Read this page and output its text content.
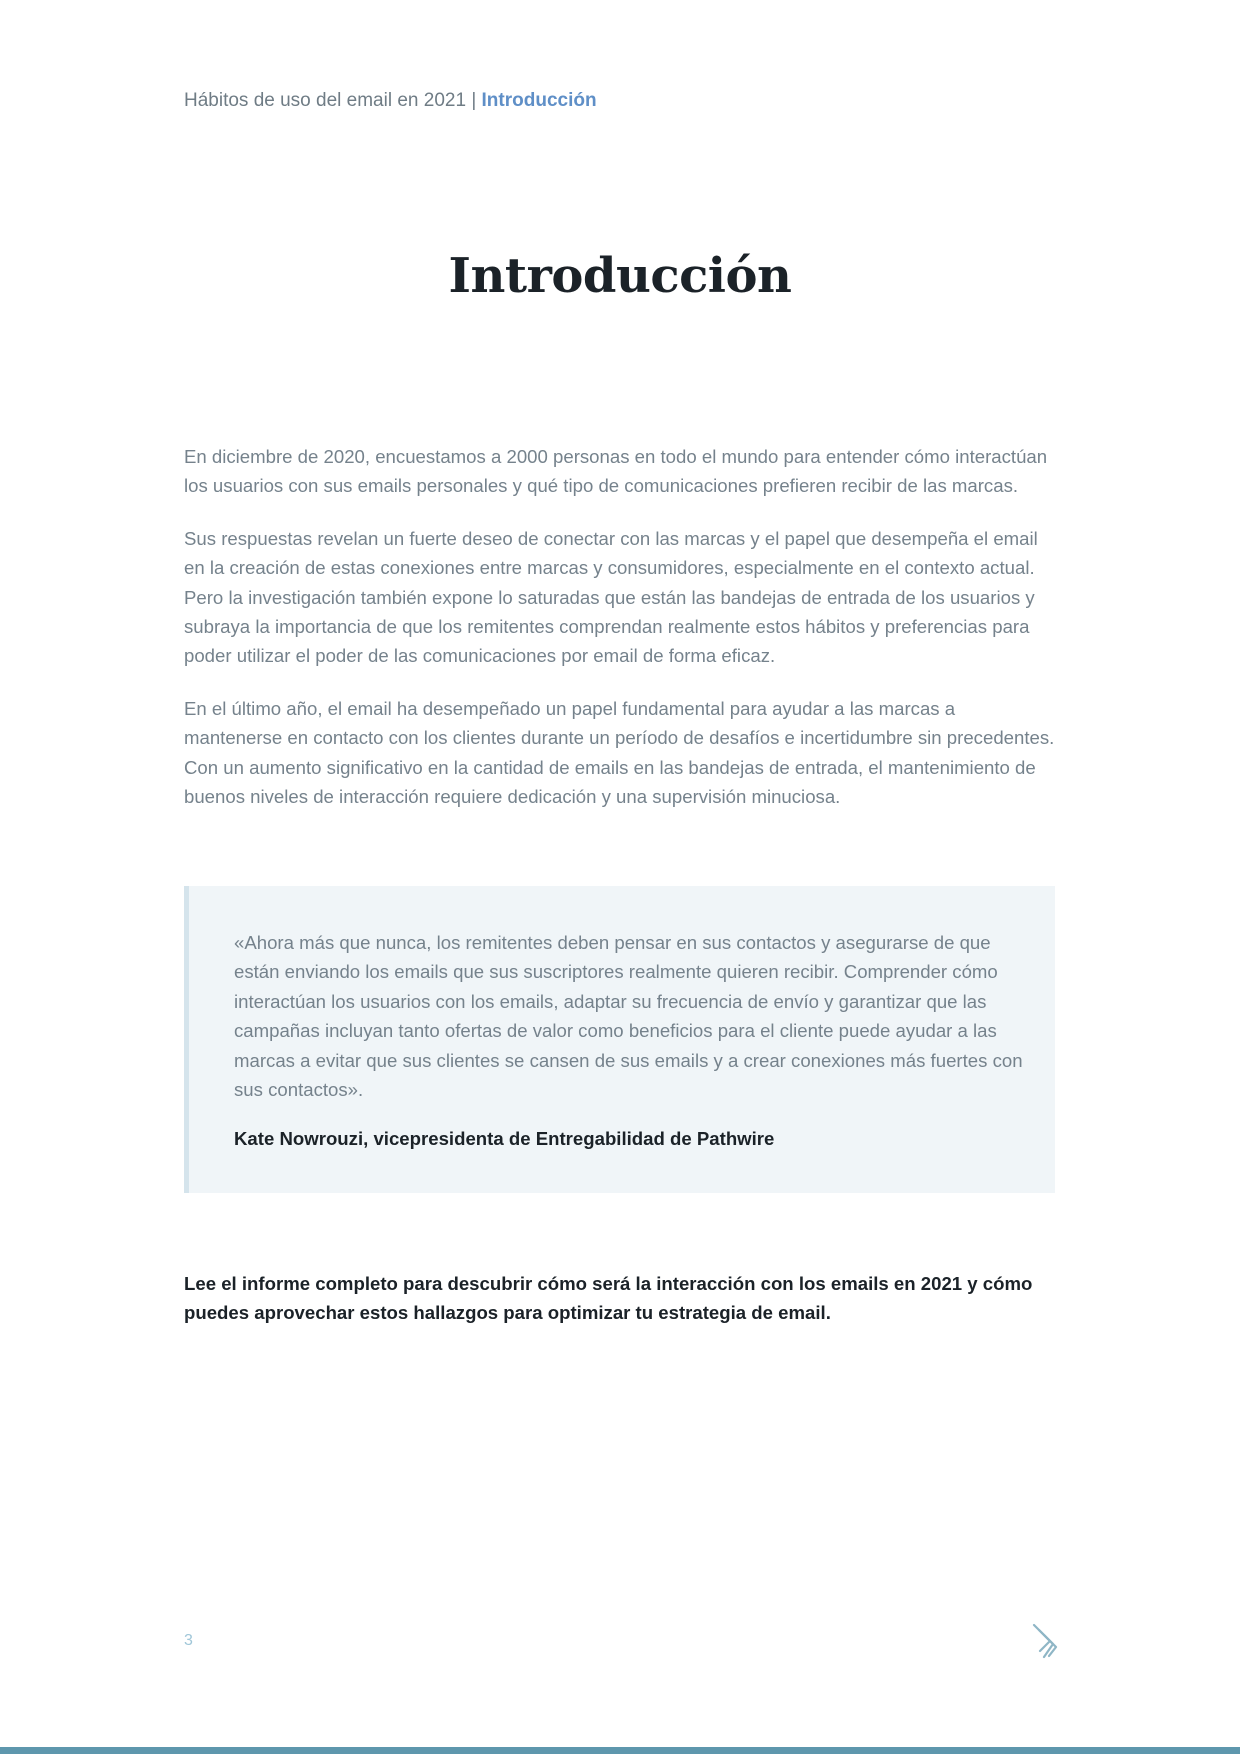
Hábitos de uso del email en 2021 | Introducción
Introducción

En diciembre de 2020, encuestamos a 2000 personas en todo el mundo para entender cómo interactúan los usuarios con sus emails personales y qué tipo de comunicaciones prefieren recibir de las marcas.

Sus respuestas revelan un fuerte deseo de conectar con las marcas y el papel que desempeña el email en la creación de estas conexiones entre marcas y consumidores, especialmente en el contexto actual. Pero la investigación también expone lo saturadas que están las bandejas de entrada de los usuarios y subraya la importancia de que los remitentes comprendan realmente estos hábitos y preferencias para poder utilizar el poder de las comunicaciones por email de forma eficaz.

En el último año, el email ha desempeñado un papel fundamental para ayudar a las marcas a mantenerse en contacto con los clientes durante un período de desafíos e incertidumbre sin precedentes. Con un aumento significativo en la cantidad de emails en las bandejas de entrada, el mantenimiento de buenos niveles de interacción requiere dedicación y una supervisión minuciosa.

«Ahora más que nunca, los remitentes deben pensar en sus contactos y asegurarse de que están enviando los emails que sus suscriptores realmente quieren recibir. Comprender cómo interactúan los usuarios con los emails, adaptar su frecuencia de envío y garantizar que las campañas incluyan tanto ofertas de valor como beneficios para el cliente puede ayudar a las marcas a evitar que sus clientes se cansen de sus emails y a crear conexiones más fuertes con sus contactos».

Kate Nowrouzi, vicepresidenta de Entregabilidad de Pathwire

Lee el informe completo para descubrir cómo será la interacción con los emails en 2021 y cómo puedes aprovechar estos hallazgos para optimizar tu estrategia de email.

3
